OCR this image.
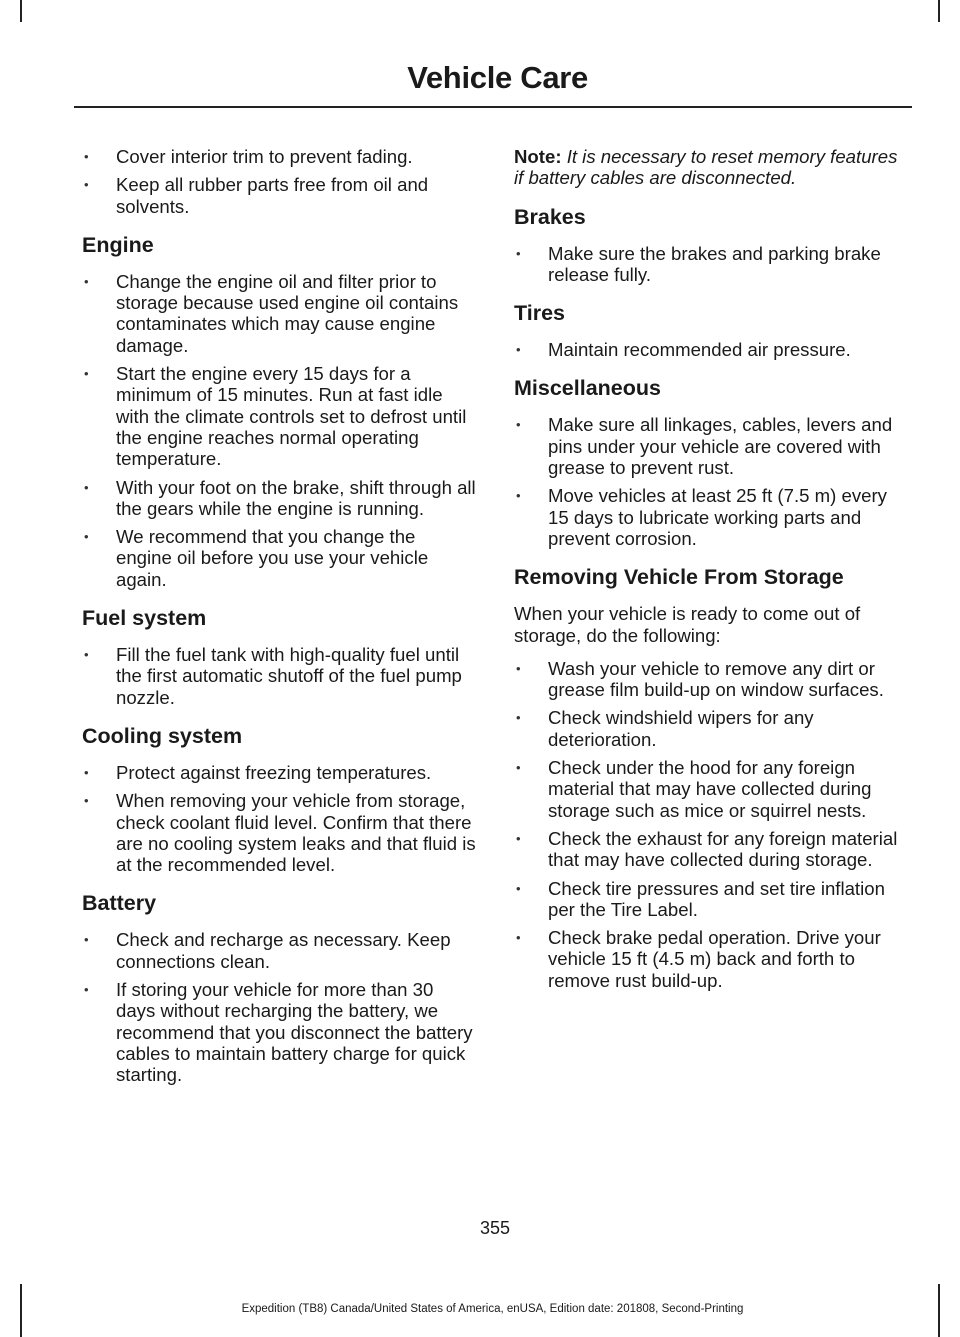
Vehicle Care
• Cover interior trim to prevent fading.
• Keep all rubber parts free from oil and solvents.
Engine
• Change the engine oil and filter prior to storage because used engine oil contains contaminates which may cause engine damage.
• Start the engine every 15 days for a minimum of 15 minutes. Run at fast idle with the climate controls set to defrost until the engine reaches normal operating temperature.
• With your foot on the brake, shift through all the gears while the engine is running.
• We recommend that you change the engine oil before you use your vehicle again.
Fuel system
• Fill the fuel tank with high-quality fuel until the first automatic shutoff of the fuel pump nozzle.
Cooling system
• Protect against freezing temperatures.
• When removing your vehicle from storage, check coolant fluid level. Confirm that there are no cooling system leaks and that fluid is at the recommended level.
Battery
• Check and recharge as necessary. Keep connections clean.
• If storing your vehicle for more than 30 days without recharging the battery, we recommend that you disconnect the battery cables to maintain battery charge for quick starting.

Note: It is necessary to reset memory features if battery cables are disconnected.

Brakes
• Make sure the brakes and parking brake release fully.
Tires
• Maintain recommended air pressure.
Miscellaneous
• Make sure all linkages, cables, levers and pins under your vehicle are covered with grease to prevent rust.
• Move vehicles at least 25 ft (7.5 m) every 15 days to lubricate working parts and prevent corrosion.
Removing Vehicle From Storage

When your vehicle is ready to come out of storage, do the following:

• Wash your vehicle to remove any dirt or grease film build-up on window surfaces.
• Check windshield wipers for any deterioration.
• Check under the hood for any foreign material that may have collected during storage such as mice or squirrel nests.
• Check the exhaust for any foreign material that may have collected during storage.
• Check tire pressures and set tire inflation per the Tire Label.
• Check brake pedal operation. Drive your vehicle 15 ft (4.5 m) back and forth to remove rust build-up.
355
Expedition (TB8) Canada/United States of America, enUSA, Edition date: 201808, Second-Printing
